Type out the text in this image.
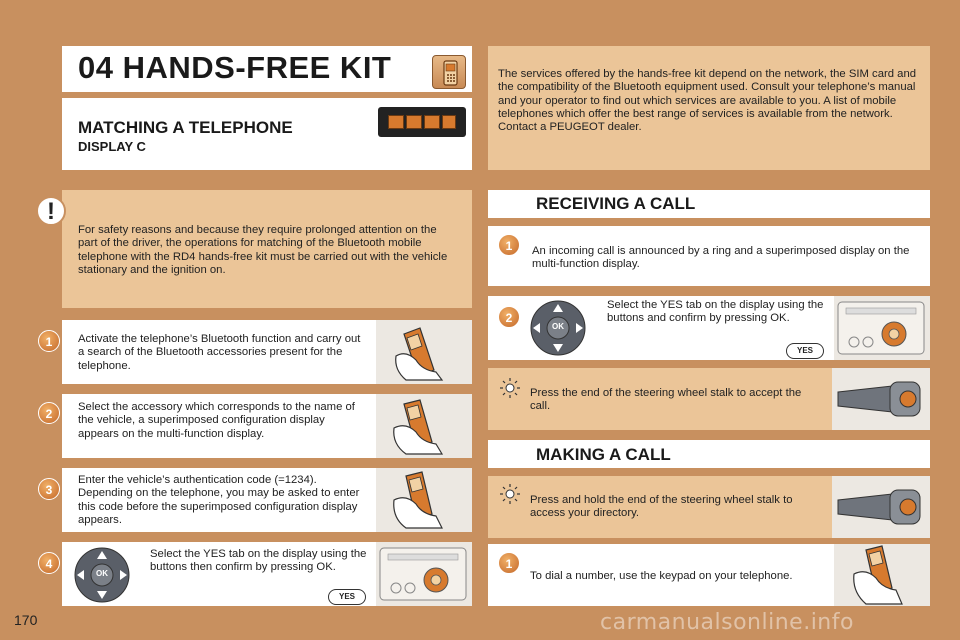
04 HANDS-FREE KIT
MATCHING A TELEPHONE
DISPLAY C
The services offered by the hands-free kit depend on the network, the SIM card and the compatibility of the Bluetooth equipment used. Consult your telephone’s manual and your operator to find out which services are available to you. A list of mobile telephones which offer the best range of services is available from the network. Contact a PEUGEOT dealer.
!
For safety reasons and because they require prolonged attention on the part of the driver, the operations for matching of the Bluetooth mobile telephone with the RD4 hands-free kit must be carried out with the vehicle stationary and the ignition on.
1	Activate the telephone’s Bluetooth function and carry out a search of the Bluetooth accessories present for the telephone.
2	Select the accessory which corresponds to the name of the vehicle, a superimposed configuration display appears on the multi-function display.
3
Enter the vehicle’s authentication code (=1234). Depending on the telephone, you may be asked to enter this code before the superimposed configuration display appears.
4
OK
Select the YES tab on the display using the buttons then confirm by pressing OK.
YES
RECEIVING A CALL
1	An incoming call is announced by a ring and a superimposed display on the multi-function display.
2
OK
Select the YES tab on the display using the buttons and confirm by pressing OK.
YES
Press the end of the steering wheel stalk to accept the call.
MAKING A CALL
Press and hold the end of the steering wheel stalk to access your directory.
1
To dial a number, use the keypad on your telephone.
170	carmanualsonline.info
